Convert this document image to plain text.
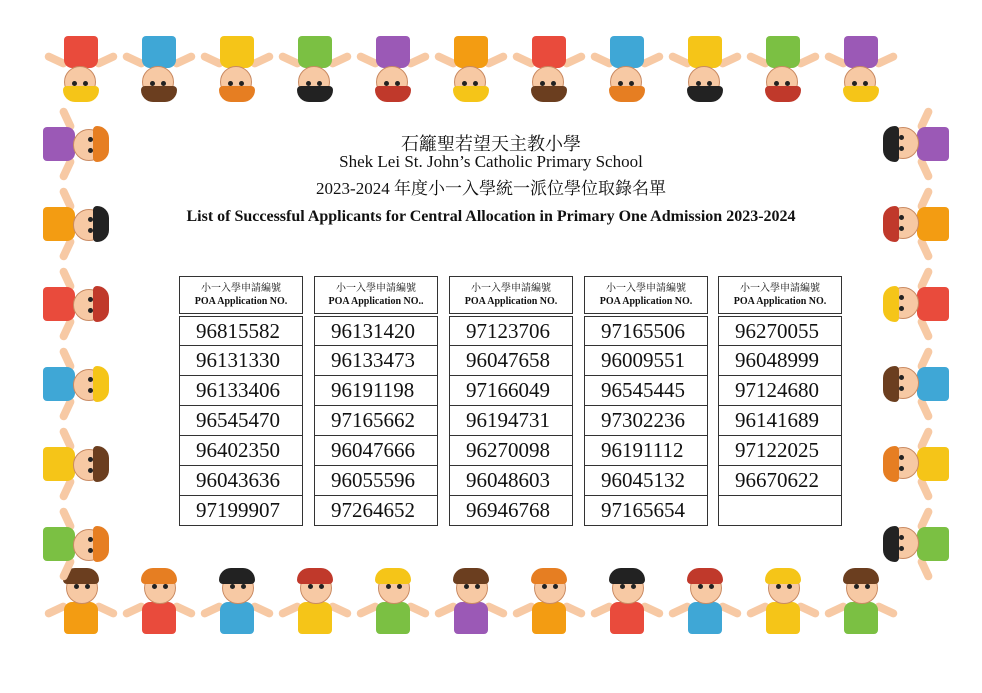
石籬聖若望天主教小學
Shek Lei St. John’s Catholic Primary School
2023-2024 年度小一入學統一派位學位取錄名單
List of Successful Applicants for Central Allocation in Primary One Admission 2023-2024
小一入學申請編號
POA Application NO.
96815582
96131330
96133406
96545470
96402350
96043636
97199907
小一入學申請編號
POA Application NO..
96131420
96133473
96191198
97165662
96047666
96055596
97264652
小一入學申請編號
POA Application NO.
97123706
96047658
97166049
96194731
96270098
96048603
96946768
小一入學申請編號
POA Application NO.
97165506
96009551
96545445
97302236
96191112
96045132
97165654
小一入學申請編號
POA Application NO.
96270055
96048999
97124680
96141689
97122025
96670622
